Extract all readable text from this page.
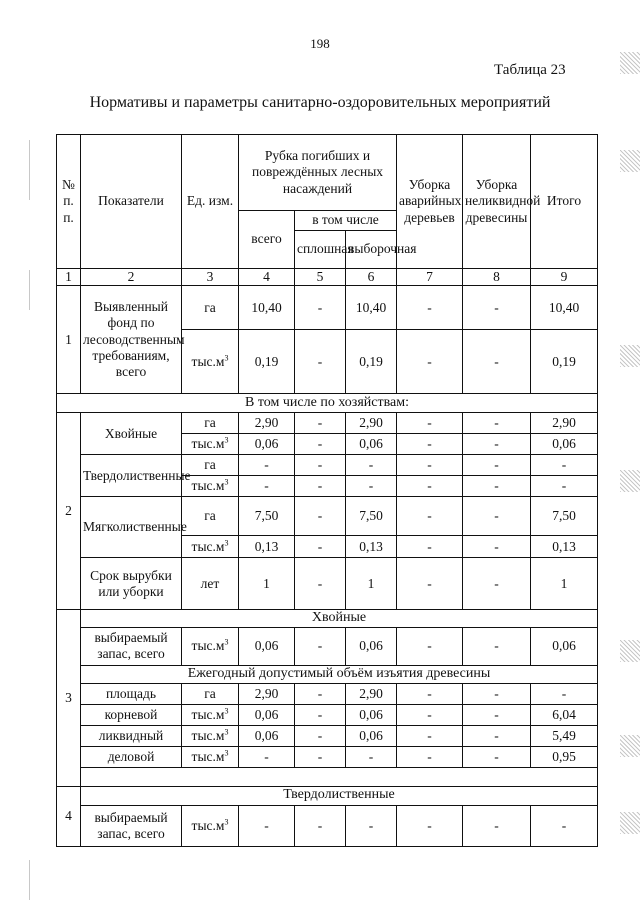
198
Таблица 23
Нормативы и параметры санитарно-оздоровительных мероприятий
№ п. п.	Показатели	Ед. изм.	Рубка погибших и повреждённых лесных насаждений			Уборка аварийных деревьев	Уборка неликвидной древесины	Итого
			всего	в том числе				
				сплошная	выборочная			
1	2	3	4	5	6	7	8	9
1	Выявленный фонд по лесоводственным требованиям, всего	га	10,40	-	10,40	-	-	10,40
		$тыс.м^3$	0,19	-	0,19	-	-	0,19
В том числе по хозяйствам:								
2	Хвойные	га	2,90	-	2,90	-	-	2,90
		$тыс.м^3$	0,06	-	0,06	-	-	0,06
	Твердолиственные	га	-	-	-	-	-	-
		$тыс.м^3$	-	-	-	-	-	-
	Мягколиственные	га	7,50	-	7,50	-	-	7,50
		$тыс.м^3$	0,13	-	0,13	-	-	0,13
	Срок вырубки или уборки	лет	1	-	1	-	-	1
3	Хвойные							
	выбираемый запас, всего	$тыс.м^3$	0,06	-	0,06	-	-	0,06
	Ежегодный допустимый объём изъятия древесины							
	площадь	га	2,90	-	2,90	-	-	-
	корневой	$тыс.м^3$	0,06	-	0,06	-	-	6,04
	ликвидный	$тыс.м^3$	0,06	-	0,06	-	-	5,49
	деловой	$тыс.м^3$	-	-	-	-	-	0,95

4	Твердолиственные							
	выбираемый запас, всего	$тыс.м^3$	-	-	-	-	-	-
